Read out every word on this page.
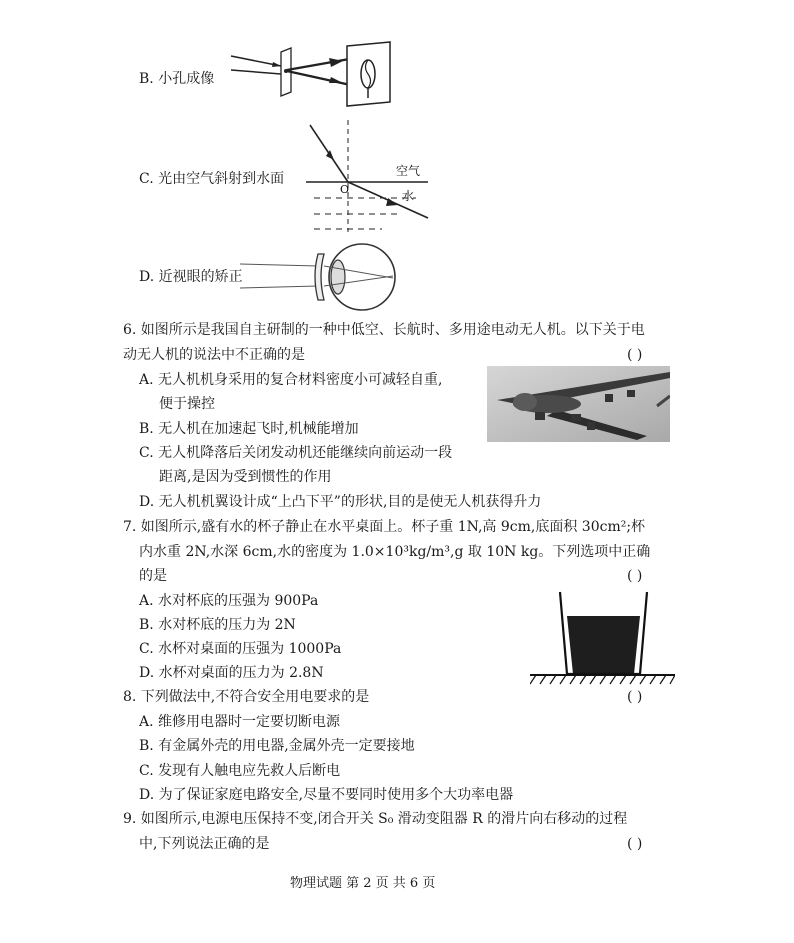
B. 小孔成像
C. 光由空气斜射到水面	空气
水
O
D. 近视眼的矫正
6. 如图所示是我国自主研制的一种中低空、长航时、多用途电动无人机。以下关于电
动无人机的说法中不正确的是	( )
A. 无人机机身采用的复合材料密度小可减轻自重,
便于操控
B. 无人机在加速起飞时,机械能增加
C. 无人机降落后关闭发动机还能继续向前运动一段
距离,是因为受到惯性的作用
D. 无人机机翼设计成“上凸下平”的形状,目的是使无人机获得升力
7. 如图所示,盛有水的杯子静止在水平桌面上。杯子重 1N,高 9cm,底面积 30cm²;杯
内水重 2N,水深 6cm,水的密度为 1.0×10³kg/m³,g 取 10N kg。下列选项中正确
的是	( )
A. 水对杯底的压强为 900Pa
B. 水对杯底的压力为 2N
C. 水杯对桌面的压强为 1000Pa
D. 水杯对桌面的压力为 2.8N
8. 下列做法中,不符合安全用电要求的是	( )
A. 维修用电器时一定要切断电源
B. 有金属外壳的用电器,金属外壳一定要接地
C. 发现有人触电应先救人后断电
D. 为了保证家庭电路安全,尽量不要同时使用多个大功率电器
9. 如图所示,电源电压保持不变,闭合开关 S₀ 滑动变阻器 R 的滑片向右移动的过程
中,下列说法正确的是	( )
物理试题 第 2 页 共 6 页
